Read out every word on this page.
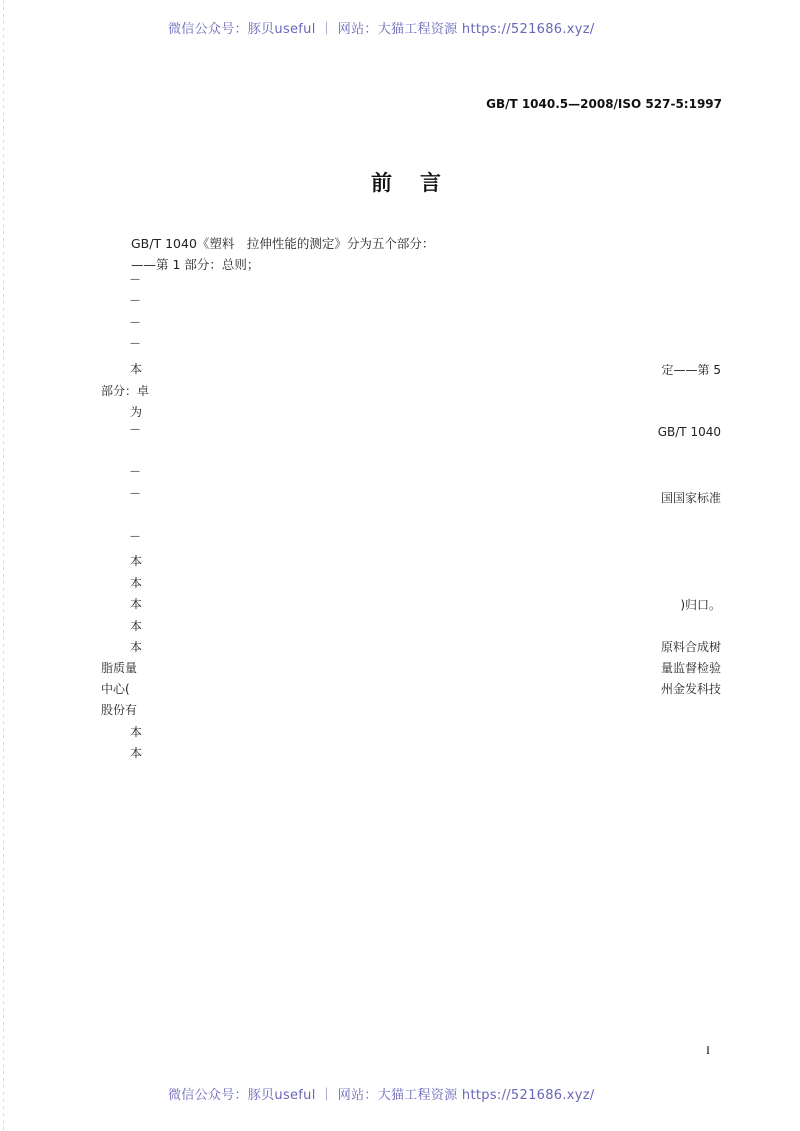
微信公众号：豚贝useful ｜ 网站：大猫工程资源 https://521686.xyz/
GB/T 1040.5—2008/ISO 527-5:1997
前言
GB/T 1040《塑料　拉伸性能的测定》分为五个部分：
——第 1 部分：总则；
—
—
—
—
本
部分：卓
为
—
—
—
—
本
本
本
本
本
脂质量
中心(
股份有
本
本
定——第 5
GB/T 1040
国国家标准
)归口。
原料合成树
量监督检验
州金发科技
I
微信公众号：豚贝useful ｜ 网站：大猫工程资源 https://521686.xyz/
